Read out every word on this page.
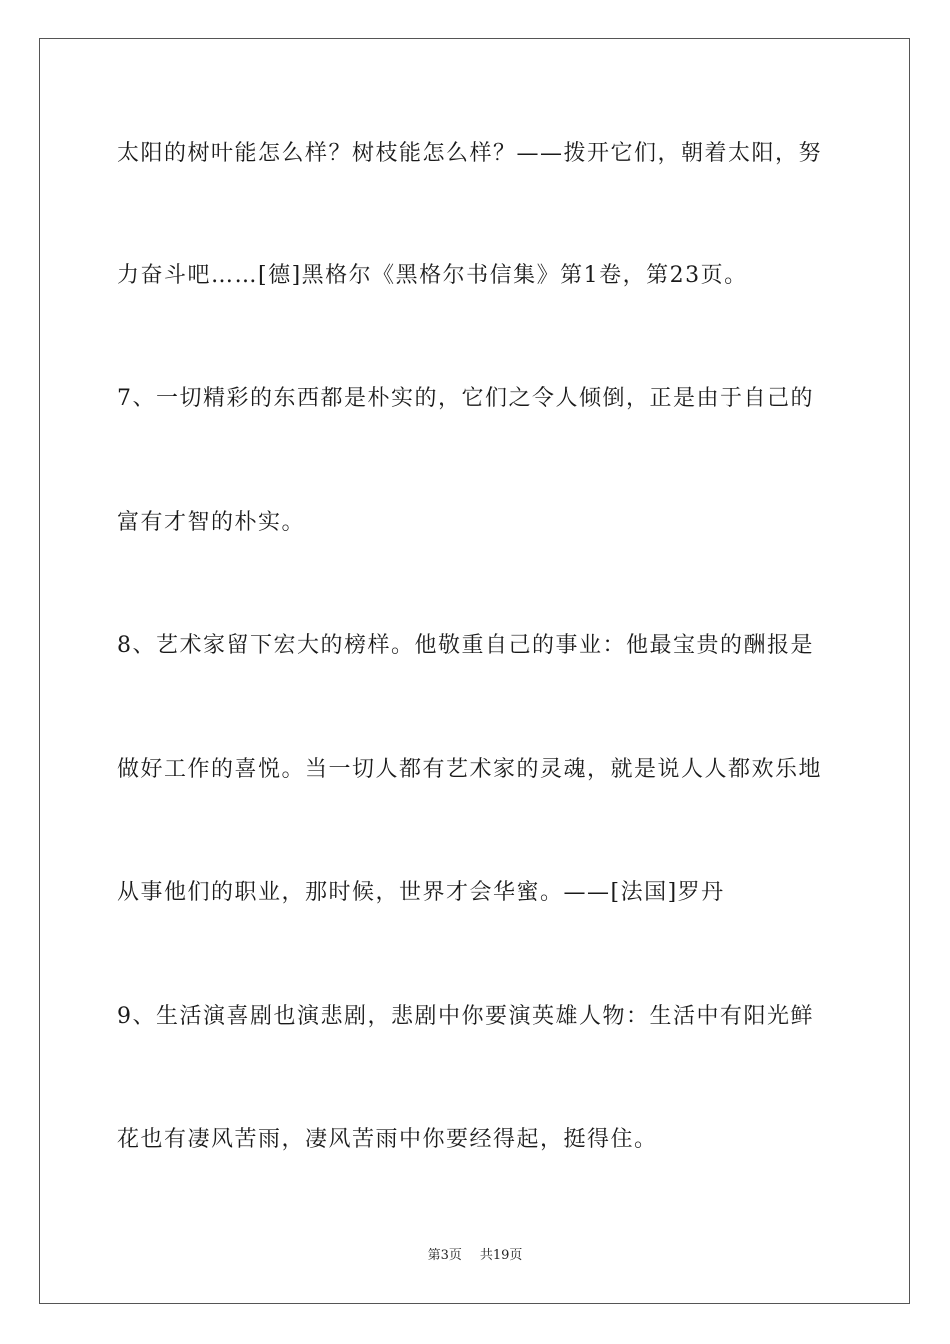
太阳的树叶能怎么样？树枝能怎么样？——拨开它们，朝着太阳，努
力奋斗吧……[德]黑格尔《黑格尔书信集》第1卷，第23页。
7、一切精彩的东西都是朴实的，它们之令人倾倒，正是由于自己的
富有才智的朴实。
8、艺术家留下宏大的榜样。他敬重自己的事业：他最宝贵的酬报是
做好工作的喜悦。当一切人都有艺术家的灵魂，就是说人人都欢乐地
从事他们的职业，那时候，世界才会华蜜。——[法国]罗丹
9、生活演喜剧也演悲剧，悲剧中你要演英雄人物：生活中有阳光鲜
花也有凄风苦雨，凄风苦雨中你要经得起，挺得住。
第3页 共19页
